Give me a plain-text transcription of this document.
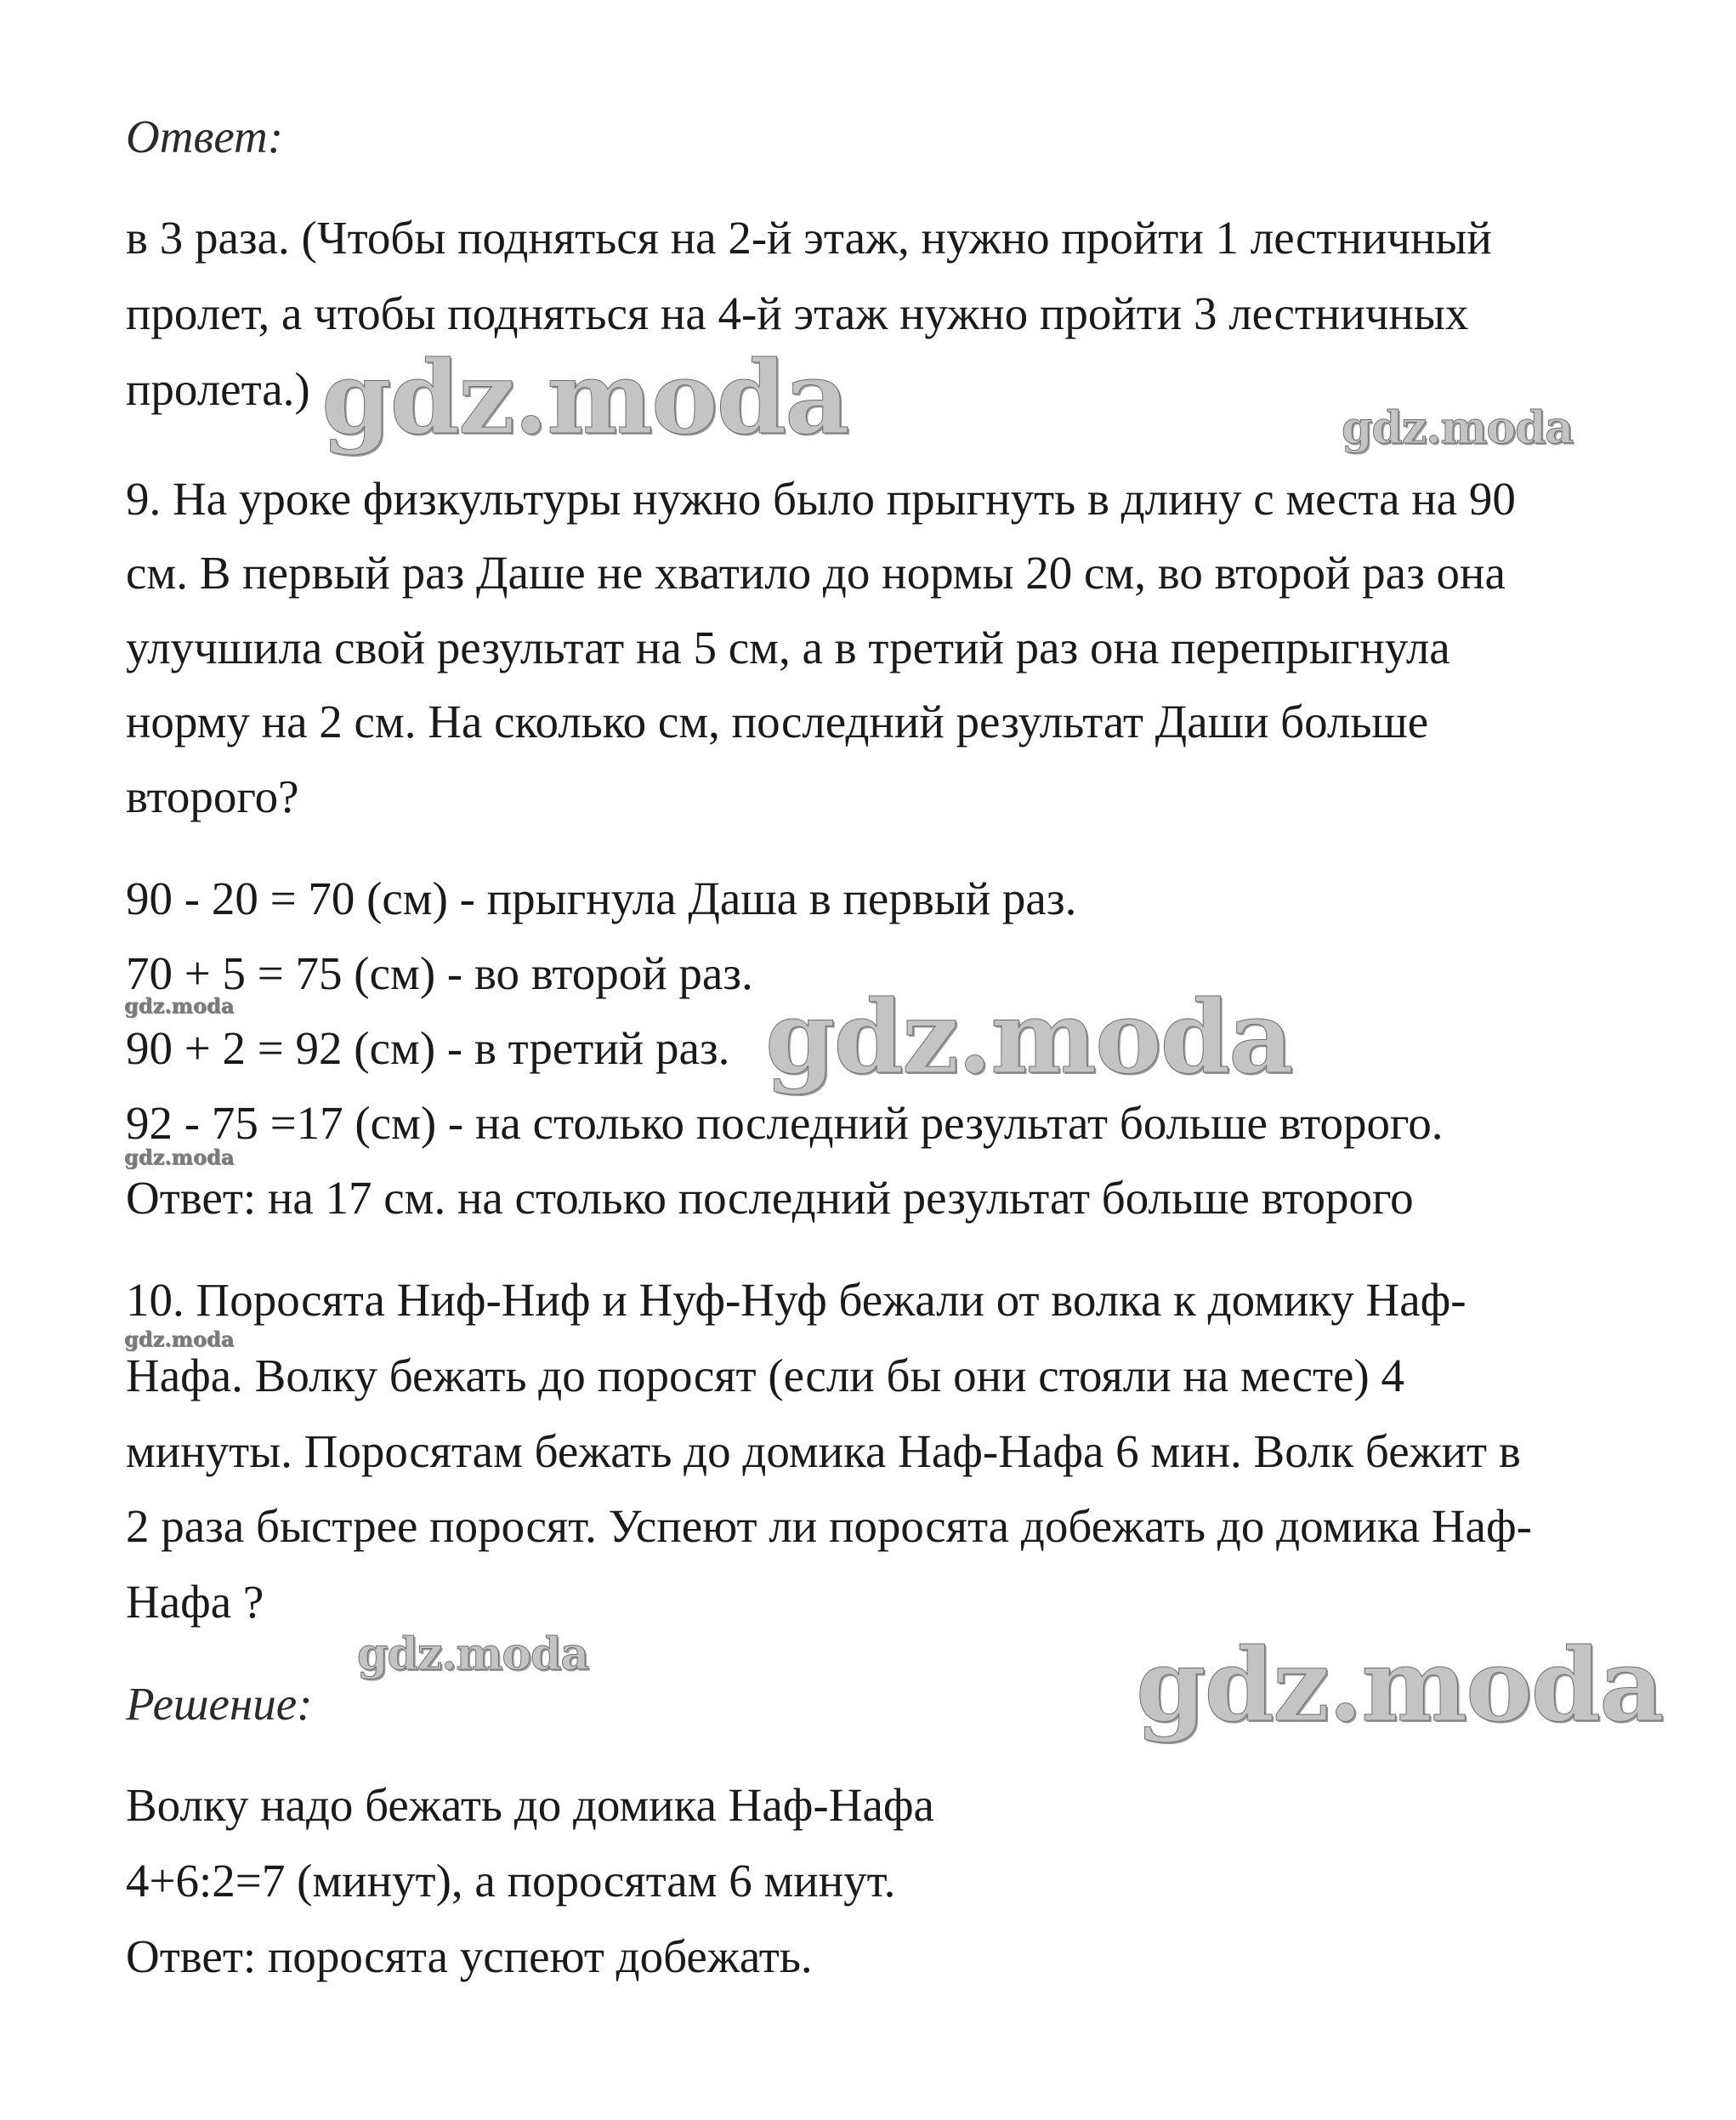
Ответ:
в 3 раза. (Чтобы подняться на 2-й этаж, нужно пройти 1 лестничный
пролет, а чтобы подняться на 4-й этаж нужно пройти 3 лестничных
пролета.)
9. На уроке физкультуры нужно было прыгнуть в длину с места на 90
см. В первый раз Даше не хватило до нормы 20 см, во второй раз она
улучшила свой результат на 5 см, а в третий раз она перепрыгнула
норму на 2 см. На сколько см, последний результат Даши больше
второго?
90 - 20 = 70 (см) - прыгнула Даша в первый раз.
70 + 5 = 75 (см) - во второй раз.
90 + 2 = 92 (см) - в третий раз.
92 - 75 =17 (см) - на столько последний результат больше второго.
Ответ: на 17 см. на столько последний результат больше второго
10. Поросята Ниф-Ниф и Нуф-Нуф бежали от волка к домику Наф-
Нафа. Волку бежать до поросят (если бы они стояли на месте) 4
минуты. Поросятам бежать до домика Наф-Нафа 6 мин. Волк бежит в
2 раза быстрее поросят. Успеют ли поросята добежать до домика Наф-
Нафа ?
Решение:
Волку надо бежать до домика Наф-Нафа
4+6:2=7 (минут), а поросятам 6 минут.
Ответ: поросята успеют добежать.
gdz.moda	gdz.moda
gdz.moda	gdz.moda
gdz.moda
gdz.moda
gdz.moda	gdz.moda
